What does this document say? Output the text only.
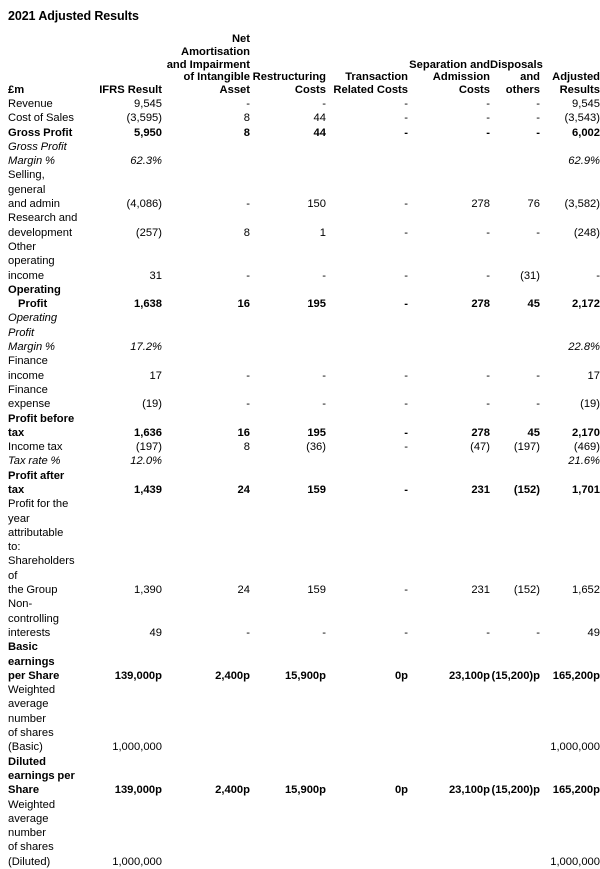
2021 Adjusted Results
£m	IFRS Result	Net Amortisation and Impairment of Intangible Asset	Restructuring Costs	Transaction Related Costs	Separation and Admission Costs	Disposals and others	Adjusted Results

Revenue	9,545	-	-	-	-	-	9,545

Cost of Sales	(3,595)	8	44	-	-	-	(3,543)

Gross Profit	5,950	8	44	-	-	-	6,002

Gross Profit
Margin %	62.3%						62.9%

Selling, general
and admin	(4,086)	-	150	-	278	76	(3,582)

Research and
development	(257)	8	1	-	-	-	(248)

Other operating
income	31	-	-	-	-	(31)	-

Operating
Profit	1,638	16	195	-	278	45	2,172

Operating Profit
Margin %	17.2%						22.8%

Finance income	17	-	-	-	-	-	17

Finance
expense	(19)	-	-	-	-	-	(19)

Profit before
tax	1,636	16	195	-	278	45	2,170

Income tax	(197)	8	(36)	-	(47)	(197)	(469)

Tax rate %	12.0%						21.6%

Profit after tax	1,439	24	159	-	231	(152)	1,701

Profit for the
year attributable
to:
Shareholders of
the Group	1,390	24	159	-	231	(152)	1,652

Non-controlling
interests	49	-	-	-	-	-	49

Basic earnings
per Share	139,000p	2,400p	15,900p	0p	23,100p	(15,200)p	165,200p

Weighted
average number
of shares
(Basic)	1,000,000						1,000,000

Diluted
earnings per
Share	139,000p	2,400p	15,900p	0p	23,100p	(15,200)p	165,200p

Weighted
average number
of shares
(Diluted)	1,000,000						1,000,000
